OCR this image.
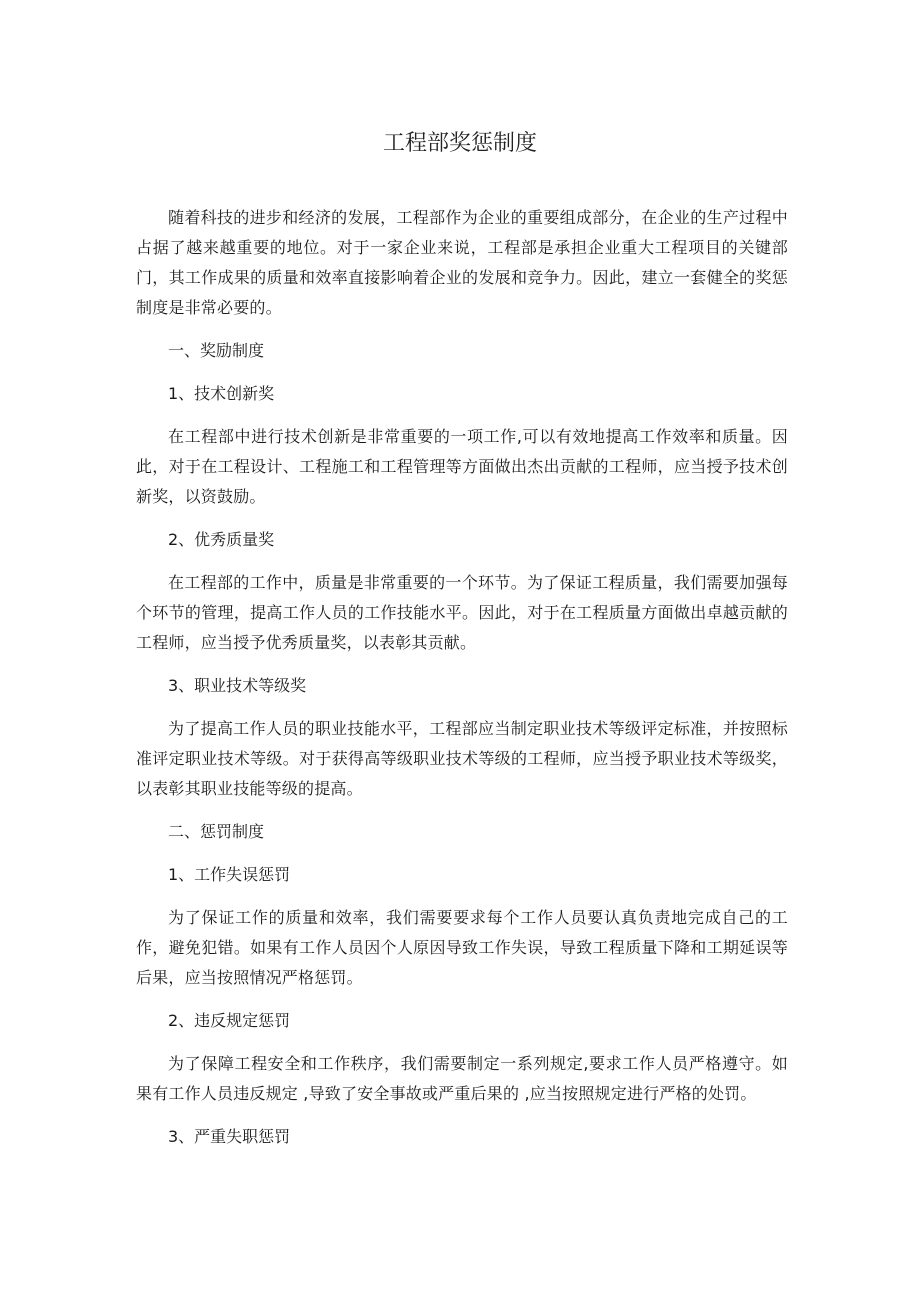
工程部奖惩制度

随着科技的进步和经济的发展，工程部作为企业的重要组成部分，在企业的生产过程中占据了越来越重要的地位。对于一家企业来说，工程部是承担企业重大工程项目的关键部门，其工作成果的质量和效率直接影响着企业的发展和竞争力。因此，建立一套健全的奖惩制度是非常必要的。

一、奖励制度

1、技术创新奖

在工程部中进行技术创新是非常重要的一项工作,可以有效地提高工作效率和质量。因此，对于在工程设计、工程施工和工程管理等方面做出杰出贡献的工程师，应当授予技术创新奖，以资鼓励。

2、优秀质量奖

在工程部的工作中，质量是非常重要的一个环节。为了保证工程质量，我们需要加强每个环节的管理，提高工作人员的工作技能水平。因此，对于在工程质量方面做出卓越贡献的工程师，应当授予优秀质量奖，以表彰其贡献。

3、职业技术等级奖

为了提高工作人员的职业技能水平，工程部应当制定职业技术等级评定标准，并按照标准评定职业技术等级。对于获得高等级职业技术等级的工程师，应当授予职业技术等级奖，以表彰其职业技能等级的提高。

二、惩罚制度

1、工作失误惩罚

为了保证工作的质量和效率，我们需要要求每个工作人员要认真负责地完成自己的工作，避免犯错。如果有工作人员因个人原因导致工作失误，导致工程质量下降和工期延误等后果，应当按照情况严格惩罚。

2、违反规定惩罚

为了保障工程安全和工作秩序，我们需要制定一系列规定,要求工作人员严格遵守。如果有工作人员违反规定 ,导致了安全事故或严重后果的 ,应当按照规定进行严格的处罚。

3、严重失职惩罚
